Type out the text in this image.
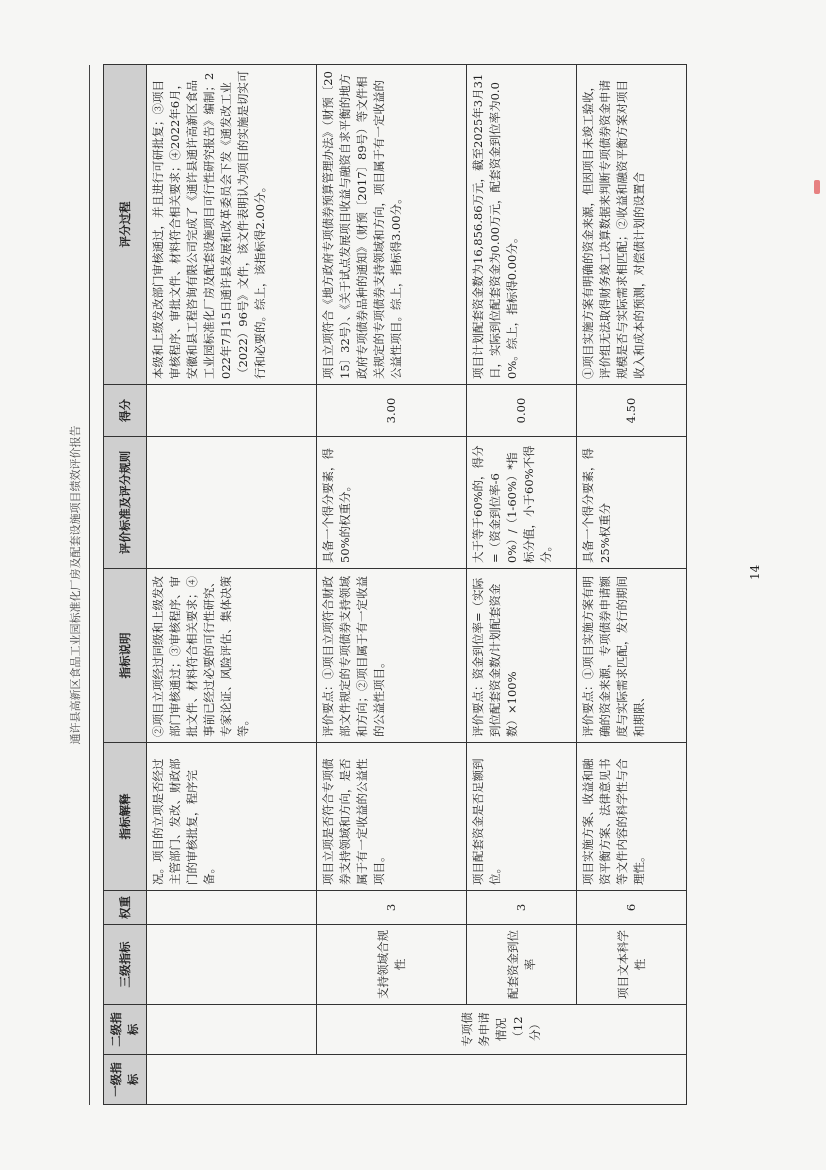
通许县高新区食品工业园标准化厂房及配套设施项目绩效评价报告
一级指标	二级指标	三级指标	权重	指标解释	指标说明	评价标准及评分规则	得分	评分过程
				况。项目的立项是否经过主管部门、发改、财政部门的审核批复，程序完备。	②项目立项经过同级和上级发改部门审核通过；③审核程序、审批文件、材料符合相关要求；④事前已经过必要的可行性研究、专家论证、风险评估、集体决策等。			本级和上级发改部门审核通过，并且进行可研批复；③项目审核程序、审批文件、材料符合相关要求；④2022年6月，安徽和县工程咨询有限公司完成了《通许县通许高新区食品工业园标准化厂房及配套设施项目可行性研究报告》编制；2022年7月15日通许县发展和改革委员会下发《通发改工业（2022）96号》文件，该文件表明认为项目的实施是切实可行和必要的。综上，该指标得2.00分。
	专项债务申请情况（12分）	支持领域合规性	3	项目立项是否符合专项债券支持领域和方向，是否属于有一定收益的公益性项目。	评价要点：①项目立项符合财政部文件规定的专项债券支持领域和方向；②项目属于有一定收益的公益性项目。	具备一个得分要素，得50%的权重分。	3.00	项目立项符合《地方政府专项债券预算管理办法》（财预〔2015〕32号）、《关于试点发展项目收益与融资自求平衡的地方政府专项债券品种的通知》（财预〔2017〕89号）等文件相关规定的专项债券支持领域和方向，项目属于有一定收益的公益性项目。综上，指标得3.00分。
		配套资金到位率	3	项目配套资金是否足额到位。	评价要点：资金到位率=（实际到位配套资金数/计划配套资金数）×100%	大于等于60%的，得分=（资金到位率-60%）/（1-60%）*指标分值，小于60%不得分。	0.00	项目计划配套资金数为16,856.86万元，截至2025年3月31日，实际到位配套资金为0.00万元，配套资金到位率为0.00%。综上，指标得0.00分。
		项目文本科学性	6	项目实施方案、收益和融资平衡方案、法律意见书等文件内容的科学性与合理性。	评价要点：①项目实施方案有明确的资金来源，专项债券申请额度与实际需求匹配，发行的期间和期限、	具备一个得分要素，得25%权重分	4.50	①项目实施方案有明确的资金来源，但因项目未竣工验收，评价组无法取得财务竣工决算数据来判断专项债券资金申请规模是否与实际需求相匹配；②收益和融资平衡方案对项目收入和成本的预测，对偿债计划的设置合
14
